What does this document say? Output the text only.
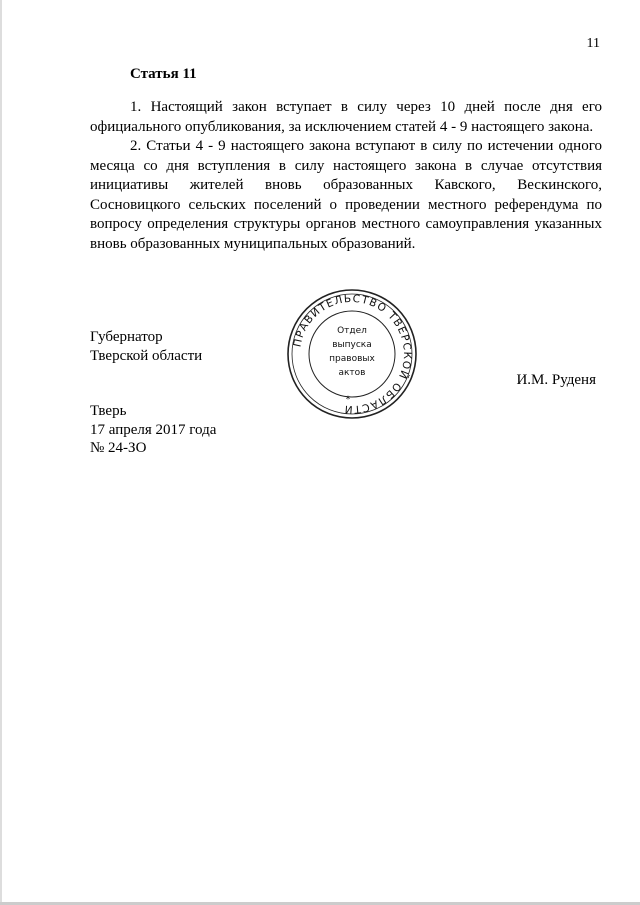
11
Статья 11

1. Настоящий закон вступает в силу через 10 дней после дня его официального опубликования, за исключением статей 4 - 9 настоящего закона.

2. Статьи 4 - 9 настоящего закона вступают в силу по истечении одного месяца со дня вступления в силу настоящего закона в случае отсутствия инициативы жителей вновь образованных Кавского, Вескинского, Сосновицкого сельских поселений о проведении местного референдума по вопросу определения структуры органов местного самоуправления указанных вновь образованных муниципальных образований.

Губернатор
Тверской области
ПРАВИТЕЛЬСТВО ТВЕРСКОЙ ОБЛАСТИ
Отдел
выпуска
правовых
актов
*
И.М. Руденя
Тверь
17 апреля 2017 года
№ 24-ЗО
